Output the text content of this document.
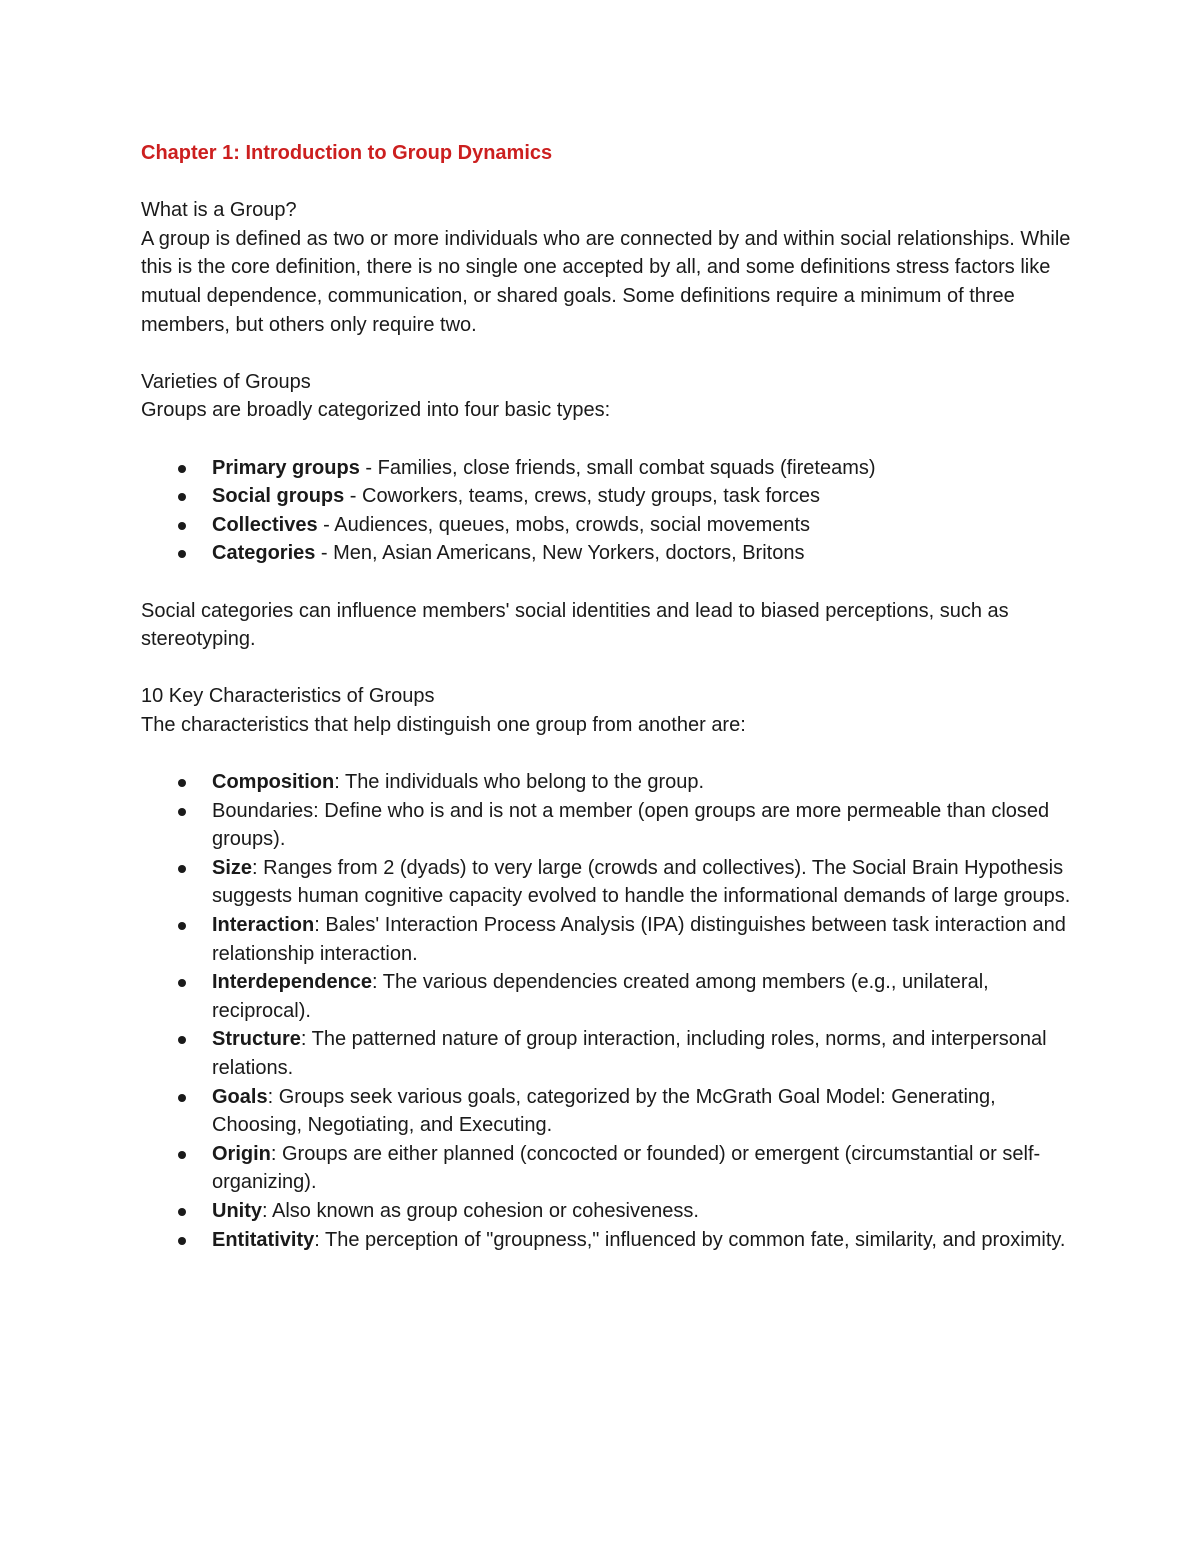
Chapter 1: Introduction to Group Dynamics

What is a Group?

A group is defined as two or more individuals who are connected by and within social relationships. While this is the core definition, there is no single one accepted by all, and some definitions stress factors like mutual dependence, communication, or shared goals. Some definitions require a minimum of three members, but others only require two.

Varieties of Groups

Groups are broadly categorized into four basic types:

Primary groups - Families, close friends, small combat squads (fireteams)
Social groups - Coworkers, teams, crews, study groups, task forces
Collectives - Audiences, queues, mobs, crowds, social movements
Categories - Men, Asian Americans, New Yorkers, doctors, Britons

Social categories can influence members' social identities and lead to biased perceptions, such as stereotyping.

10 Key Characteristics of Groups

The characteristics that help distinguish one group from another are:

Composition: The individuals who belong to the group.
Boundaries: Define who is and is not a member (open groups are more permeable than closed groups).
Size: Ranges from 2 (dyads) to very large (crowds and collectives). The Social Brain Hypothesis suggests human cognitive capacity evolved to handle the informational demands of large groups.
Interaction: Bales' Interaction Process Analysis (IPA) distinguishes between task interaction and relationship interaction.
Interdependence: The various dependencies created among members (e.g., unilateral, reciprocal).
Structure: The patterned nature of group interaction, including roles, norms, and interpersonal relations.
Goals: Groups seek various goals, categorized by the McGrath Goal Model: Generating, Choosing, Negotiating, and Executing.
Origin: Groups are either planned (concocted or founded) or emergent (circumstantial or self-organizing).
Unity: Also known as group cohesion or cohesiveness.
Entitativity: The perception of "groupness," influenced by common fate, similarity, and proximity.
